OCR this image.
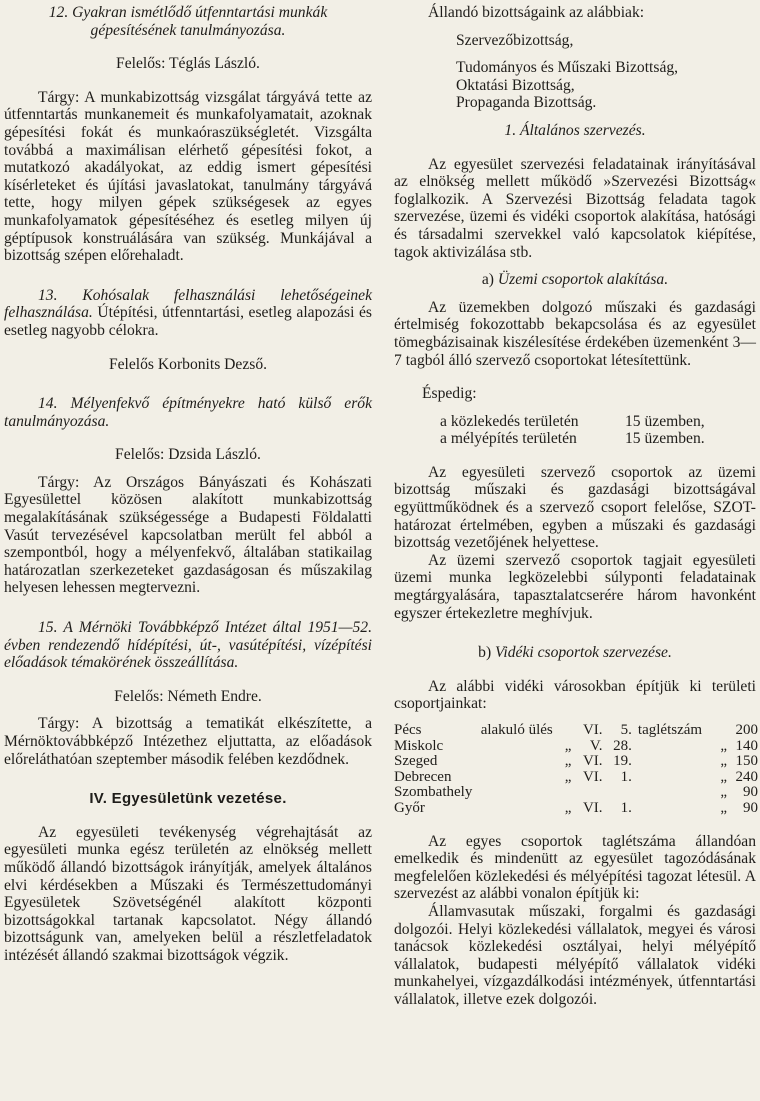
12. Gyakran ismétlődő útfenntartási munkák gépesítésének tanulmányozása.

Felelős: Téglás László.

Tárgy: A munkabizottság vizsgálat tárgyává tette az útfenntartás munkanemeit és munkafolyamatait, azoknak gépesítési fokát és munkaóraszükségletét. Vizsgálta továbbá a maximálisan elérhető gépesítési fokot, a mutatkozó akadályokat, az eddig ismert gépesítési kísérleteket és újítási javaslatokat, tanulmány tárgyává tette, hogy milyen gépek szükségesek az egyes munkafolyamatok gépesítéséhez és esetleg milyen új géptípusok konstruálására van szükség. Munkájával a bizottság szépen előrehaladt.

13. Kohósalak felhasználási lehetőségeinek felhasználása. Útépítési, útfenntartási, esetleg alapozási és esetleg nagyobb célokra.

Felelős Korbonits Dezső.

14. Mélyenfekvő építményekre ható külső erők tanulmányozása.

Felelős: Dzsida László.

Tárgy: Az Országos Bányászati és Kohászati Egyesülettel közösen alakított munkabizottság megalakításának szükségessége a Budapesti Földalatti Vasút tervezésével kapcsolatban merült fel abból a szempontból, hogy a mélyenfekvő, általában statikailag határozatlan szerkezeteket gazdaságosan és műszakilag helyesen lehessen megtervezni.

15. A Mérnöki Továbbképző Intézet által 1951—52. évben rendezendő hídépítési, út-, vasútépítési, vízépítési előadások témakörének összeállítása.

Felelős: Németh Endre.

Tárgy: A bizottság a tematikát elkészítette, a Mérnöktovábbképző Intézethez eljuttatta, az előadások előreláthatóan szeptember második felében kezdődnek.

IV. Egyesületünk vezetése.

Az egyesületi tevékenység végrehajtását az egyesületi munka egész területén az elnökség mellett működő állandó bizottságok irányítják, amelyek általános elvi kérdésekben a Műszaki és Természettudományi Egyesületek Szövetségénél alakított központi bizottságokkal tartanak kapcsolatot. Négy állandó bizottságunk van, amelyeken belül a részletfeladatok intézését állandó szakmai bizottságok végzik.

Állandó bizottságaink az alábbiak:

Szervezőbizottság,

Tudományos és Műszaki Bizottság,

Oktatási Bizottság,

Propaganda Bizottság.

1. Általános szervezés.

Az egyesület szervezési feladatainak irányításával az elnökség mellett működő »Szervezési Bizottság« foglalkozik. A Szervezési Bizottság feladata tagok szervezése, üzemi és vidéki csoportok alakítása, hatósági és társadalmi szervekkel való kapcsolatok kiépítése, tagok aktivizálása stb.

a) Üzemi csoportok alakítása.

Az üzemekben dolgozó műszaki és gazdasági értelmiség fokozottabb bekapcsolása és az egyesület tömegbázisainak kiszélesítése érdekében üzemenként 3—7 tagból álló szervező csoportokat létesítettünk.

Éspedig:

a közlekedés területén	15 üzemben,
a mélyépítés területén	15 üzemben.

Az egyesületi szervező csoportok az üzemi bizottság műszaki és gazdasági bizottságával együttműködnek és a szervező csoport felelőse, SZOT-határozat értelmében, egyben a műszaki és gazdasági bizottság vezetőjének helyettese.

Az üzemi szervező csoportok tagjait egyesületi üzemi munka legközelebbi súlyponti feladatainak megtárgyalására, tapasztalatcserére három havonként egyszer értekezletre meghívjuk.

b) Vidéki csoportok szervezése.

Az alábbi vidéki városokban építjük ki területi csoportjainkat:

Pécs	alakuló ülés		VI.	5.	taglétszám		200
Miskolc		„	V.	28.		„	140
Szeged		„	VI.	19.		„	150
Debrecen		„	VI.	1.		„	240
Szombathely						„	90
Győr		„	VI.	1.		„	90

Az egyes csoportok taglétszáma állandóan emelkedik és mindenütt az egyesület tagozódásának megfelelően közlekedési és mélyépítési tagozat létesül. A szervezést az alábbi vonalon építjük ki:

Államvasutak műszaki, forgalmi és gazdasági dolgozói. Helyi közlekedési vállalatok, megyei és városi tanácsok közlekedési osztályai, helyi mélyépítő vállalatok, budapesti mélyépítő vállalatok vidéki munkahelyei, vízgazdálkodási intézmények, útfenntartási vállalatok, illetve ezek dolgozói.
